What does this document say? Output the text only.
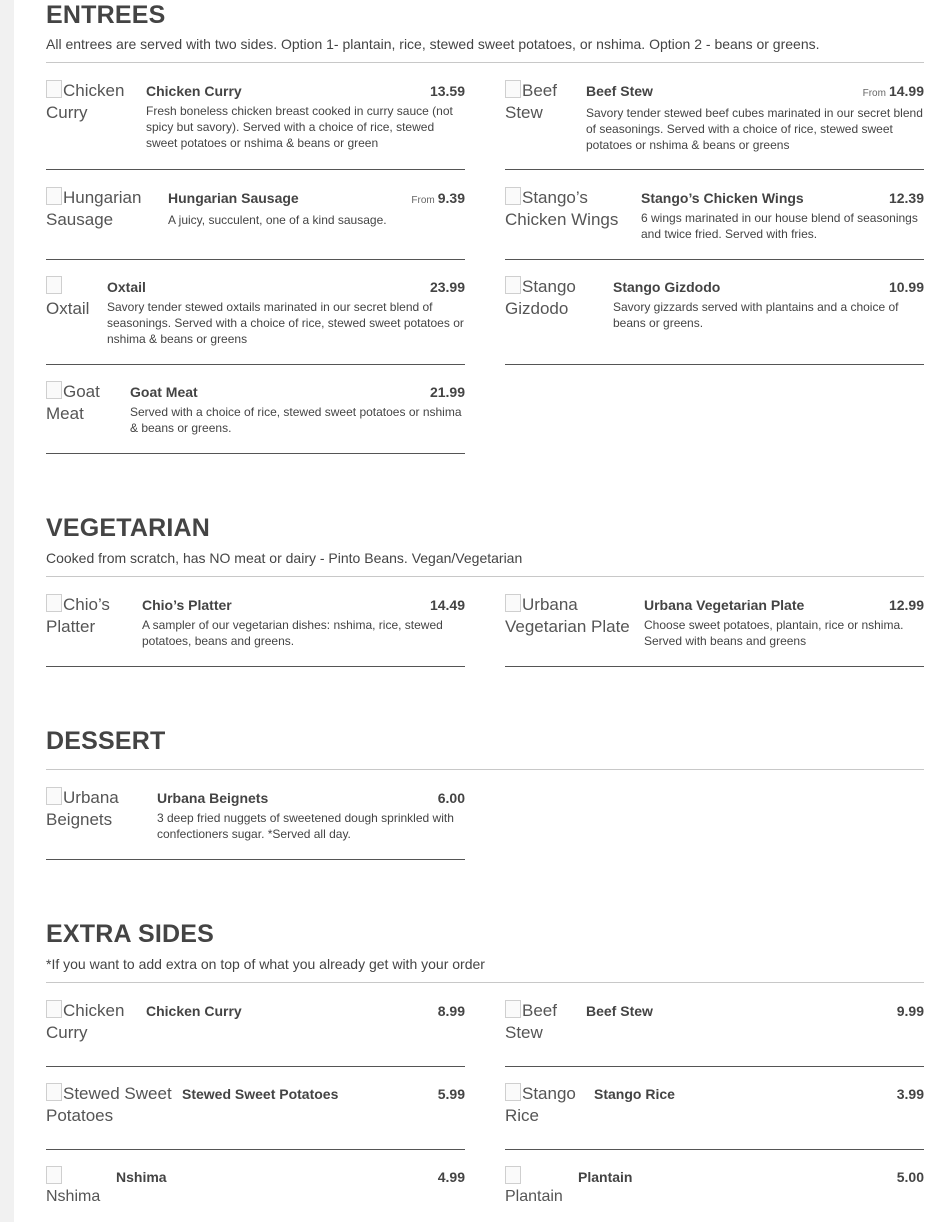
ENTREES
All entrees are served with two sides. Option 1- plantain, rice, stewed sweet potatoes, or nshima. Option 2 - beans or greens.
Chicken Curry
Chicken Curry	13.59
Fresh boneless chicken breast cooked in curry sauce (not spicy but savory). Served with a choice of rice, stewed sweet potatoes or nshima & beans or green
Beef Stew
Beef Stew	From 14.99
Savory tender stewed beef cubes marinated in our secret blend of seasonings. Served with a choice of rice, stewed sweet potatoes or nshima & beans or greens
Hungarian Sausage
Hungarian Sausage	From 9.39
A juicy, succulent, one of a kind sausage.
Stango’s Chicken Wings
Stango’s Chicken Wings	12.39
6 wings marinated in our house blend of seasonings and twice fried. Served with fries.
Oxtail
Oxtail	23.99
Savory tender stewed oxtails marinated in our secret blend of seasonings. Served with a choice of rice, stewed sweet potatoes or nshima & beans or greens
Stango Gizdodo
Stango Gizdodo	10.99
Savory gizzards served with plantains and a choice of beans or greens.
Goat Meat
Goat Meat	21.99
Served with a choice of rice, stewed sweet potatoes or nshima & beans or greens.
VEGETARIAN
Cooked from scratch, has NO meat or dairy - Pinto Beans. Vegan/Vegetarian
Chio’s Platter
Chio’s Platter	14.49
A sampler of our vegetarian dishes: nshima, rice, stewed potatoes, beans and greens.
Urbana Vegetarian Plate
Urbana Vegetarian Plate	12.99
Choose sweet potatoes, plantain, rice or nshima. Served with beans and greens
DESSERT
Urbana Beignets
Urbana Beignets	6.00
3 deep fried nuggets of sweetened dough sprinkled with confectioners sugar. *Served all day.
EXTRA SIDES
*If you want to add extra on top of what you already get with your order
Chicken Curry
Chicken Curry	8.99	Beef Stew
Beef Stew	9.99
Stewed Sweet Potatoes
Stewed Sweet Potatoes	5.99	Stango Rice
Stango Rice	3.99
Nshima
Nshima	4.99
Plantain
Plantain	5.00
